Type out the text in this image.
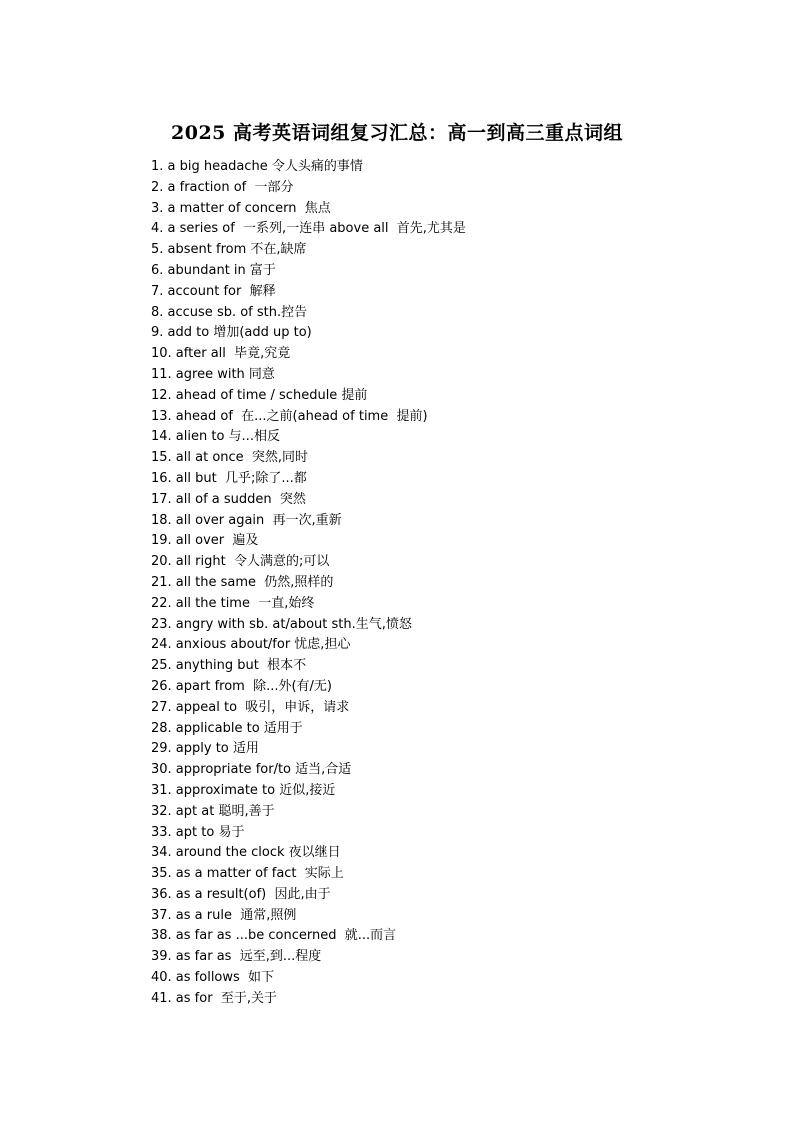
2025 高考英语词组复习汇总：高一到高三重点词组
1. a big headache 令人头痛的事情
2. a fraction of  一部分
3. a matter of concern  焦点
4. a series of  一系列,一连串 above all  首先,尤其是
5. absent from 不在,缺席
6. abundant in 富于
7. account for  解释
8. accuse sb. of sth.控告
9. add to 增加(add up to)
10. after all  毕竟,究竟
11. agree with 同意
12. ahead of time / schedule 提前
13. ahead of  在...之前(ahead of time  提前)
14. alien to 与...相反
15. all at once  突然,同时
16. all but  几乎;除了...都
17. all of a sudden  突然
18. all over again  再一次,重新
19. all over  遍及
20. all right  令人满意的;可以
21. all the same  仍然,照样的
22. all the time  一直,始终
23. angry with sb. at/about sth.生气,愤怒
24. anxious about/for 忧虑,担心
25. anything but  根本不
26. apart from  除...外(有/无)
27. appeal to  吸引，申诉，请求
28. applicable to 适用于
29. apply to 适用
30. appropriate for/to 适当,合适
31. approximate to 近似,接近
32. apt at 聪明,善于
33. apt to 易于
34. around the clock 夜以继日
35. as a matter of fact  实际上
36. as a result(of)  因此,由于
37. as a rule  通常,照例
38. as far as ...be concerned  就...而言
39. as far as  远至,到...程度
40. as follows  如下
41. as for  至于,关于
